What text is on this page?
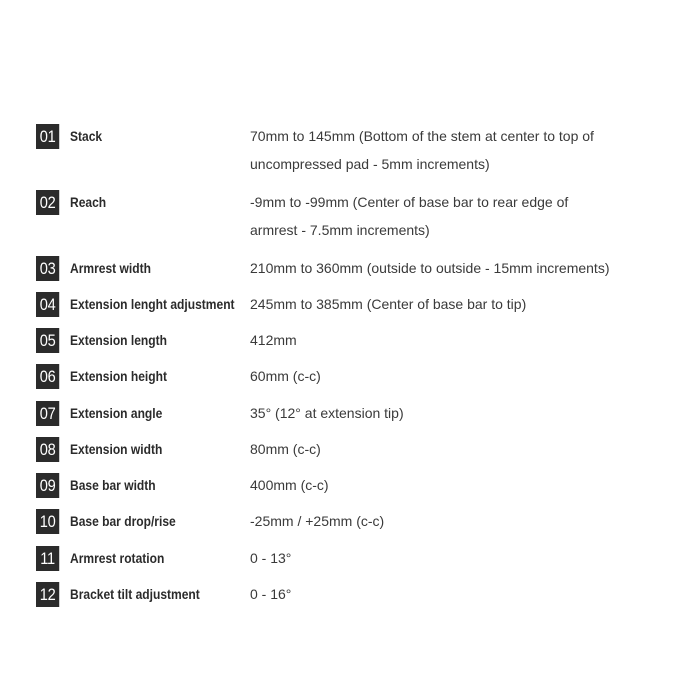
01 Stack	70mm to 145mm (Bottom of the stem at center to top of uncompressed pad - 5mm increments)
02 Reach	-9mm to -99mm (Center of base bar to rear edge of armrest - 7.5mm increments)
03 Armrest width	210mm to 360mm (outside to outside - 15mm increments)
04 Extension lenght adjustment 245mm to 385mm (Center of base bar to tip)
05 Extension length	412mm
06 Extension height	60mm (c-c)
07 Extension angle	35° (12° at extension tip)
08 Extension width	80mm (c-c)
09 Base bar width	400mm (c-c)
10 Base bar drop/rise	-25mm / +25mm (c-c)
11	Armrest rotation	0 - 13°
12 Bracket tilt adjustment	0 - 16°
